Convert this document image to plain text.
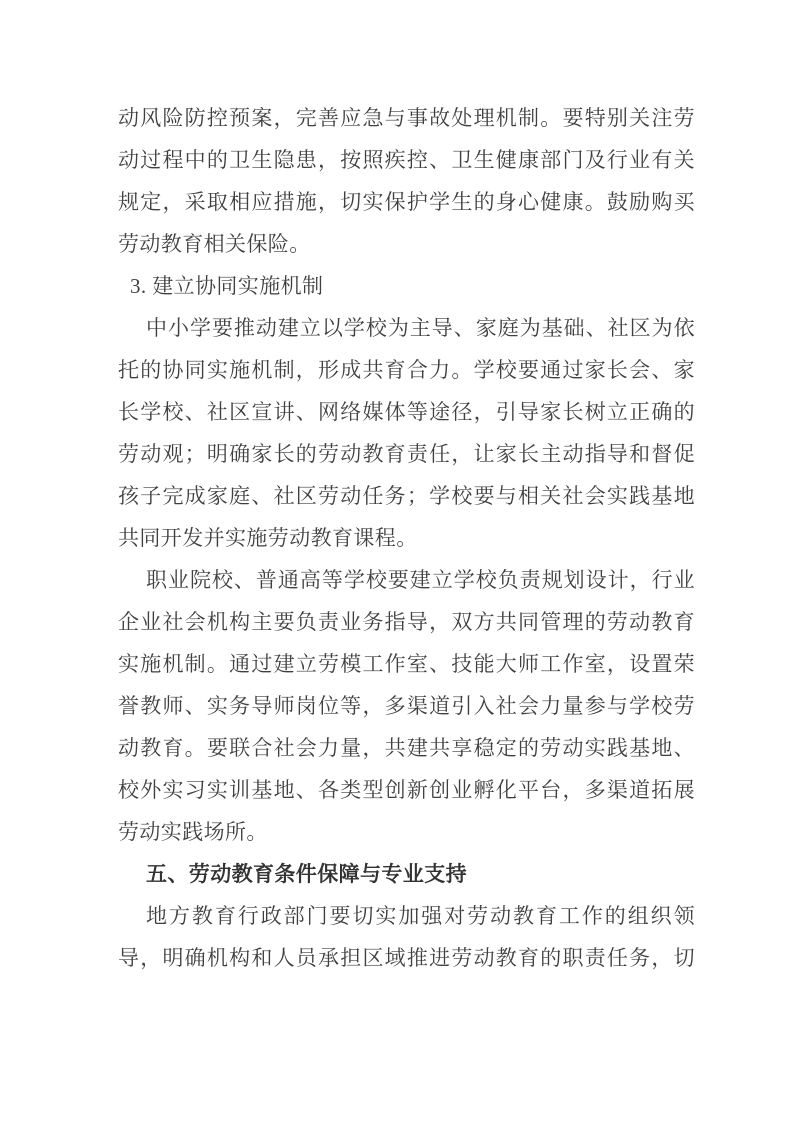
动风险防控预案，完善应急与事故处理机制。要特别关注劳
动过程中的卫生隐患，按照疾控、卫生健康部门及行业有关
规定，采取相应措施，切实保护学生的身心健康。鼓励购买
劳动教育相关保险。
3. 建立协同实施机制
中小学要推动建立以学校为主导、家庭为基础、社区为依
托的协同实施机制，形成共育合力。学校要通过家长会、家
长学校、社区宣讲、网络媒体等途径，引导家长树立正确的
劳动观；明确家长的劳动教育责任，让家长主动指导和督促
孩子完成家庭、社区劳动任务；学校要与相关社会实践基地
共同开发并实施劳动教育课程。
职业院校、普通高等学校要建立学校负责规划设计，行业
企业社会机构主要负责业务指导，双方共同管理的劳动教育
实施机制。通过建立劳模工作室、技能大师工作室，设置荣
誉教师、实务导师岗位等，多渠道引入社会力量参与学校劳
动教育。要联合社会力量，共建共享稳定的劳动实践基地、
校外实习实训基地、各类型创新创业孵化平台，多渠道拓展
劳动实践场所。
五、劳动教育条件保障与专业支持
地方教育行政部门要切实加强对劳动教育工作的组织领
导，明确机构和人员承担区域推进劳动教育的职责任务，切
